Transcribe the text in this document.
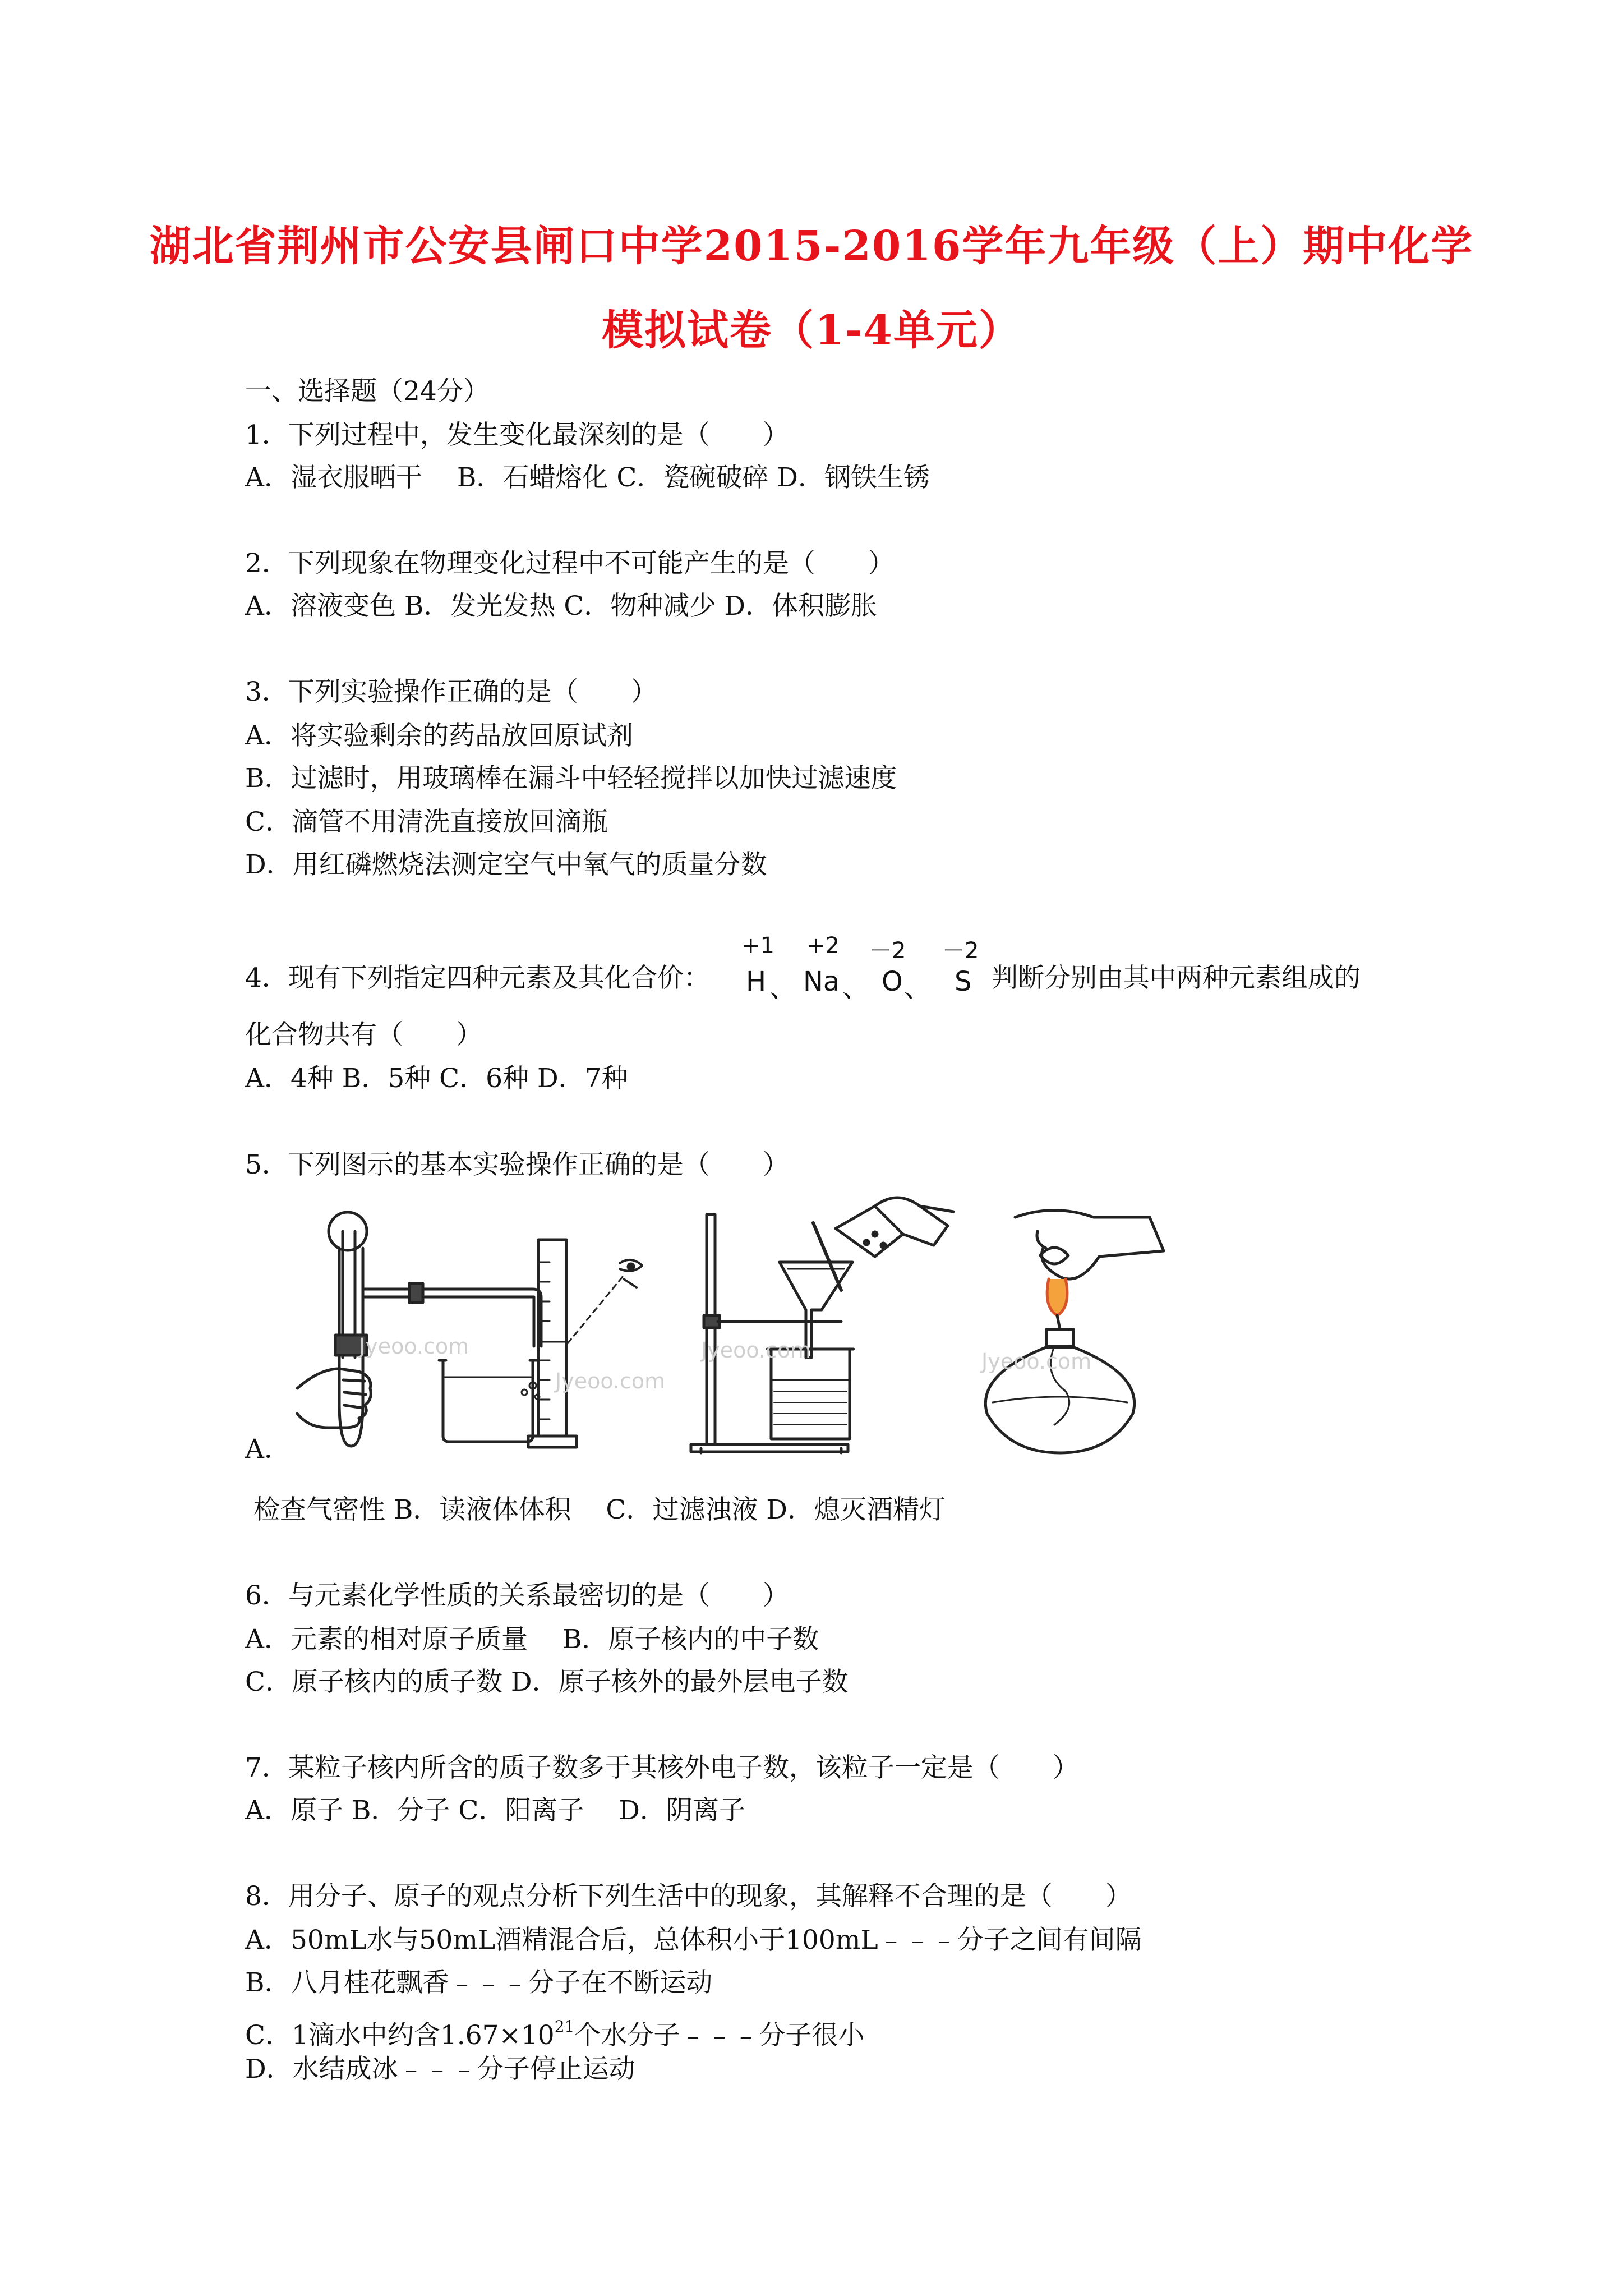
湖北省荆州市公安县闸口中学2015-2016学年九年级（上）期中化学
模拟试卷（1-4单元）
一、选择题（24分）
1．下列过程中，发生变化最深刻的是（　　）
A．湿衣服晒干　 B．石蜡熔化 C．瓷碗破碎 D．钢铁生锈
2．下列现象在物理变化过程中不可能产生的是（　　）
A．溶液变色 B．发光发热 C．物种减少 D．体积膨胀
3．下列实验操作正确的是（　　）
A．将实验剩余的药品放回原试剂
B．过滤时，用玻璃棒在漏斗中轻轻搅拌以加快过滤速度
C．滴管不用清洗直接放回滴瓶
D．用红磷燃烧法测定空气中氧气的质量分数
4．现有下列指定四种元素及其化合价：
+1
H 、
+2
Na 、
－2
O 、
－2
S 判断分别由其中两种元素组成的
化合物共有（　　）
A．4种 B．5种 C．6种 D．7种
5．下列图示的基本实验操作正确的是（　　）
Jyeoo.com
Jyeoo.com
Jyeoo.com	Jyeoo.com
A．
检查气密性 B．读液体体积　 C．过滤浊液 D．熄灭酒精灯
6．与元素化学性质的关系最密切的是（　　）
A．元素的相对原子质量　 B．原子核内的中子数
C．原子核内的质子数 D．原子核外的最外层电子数
7．某粒子核内所含的质子数多于其核外电子数，该粒子一定是（　　）
A．原子 B．分子 C．阳离子　 D．阴离子
8．用分子、原子的观点分析下列生活中的现象，其解释不合理的是（　　）
A．50mL水与50mL酒精混合后，总体积小于100mL﹣﹣﹣分子之间有间隔
B．八月桂花飘香﹣﹣﹣分子在不断运动
C．1滴水中约含$1.67\times 10^{21}$个水分子﹣﹣﹣分子很小
D．水结成冰﹣﹣﹣分子停止运动
